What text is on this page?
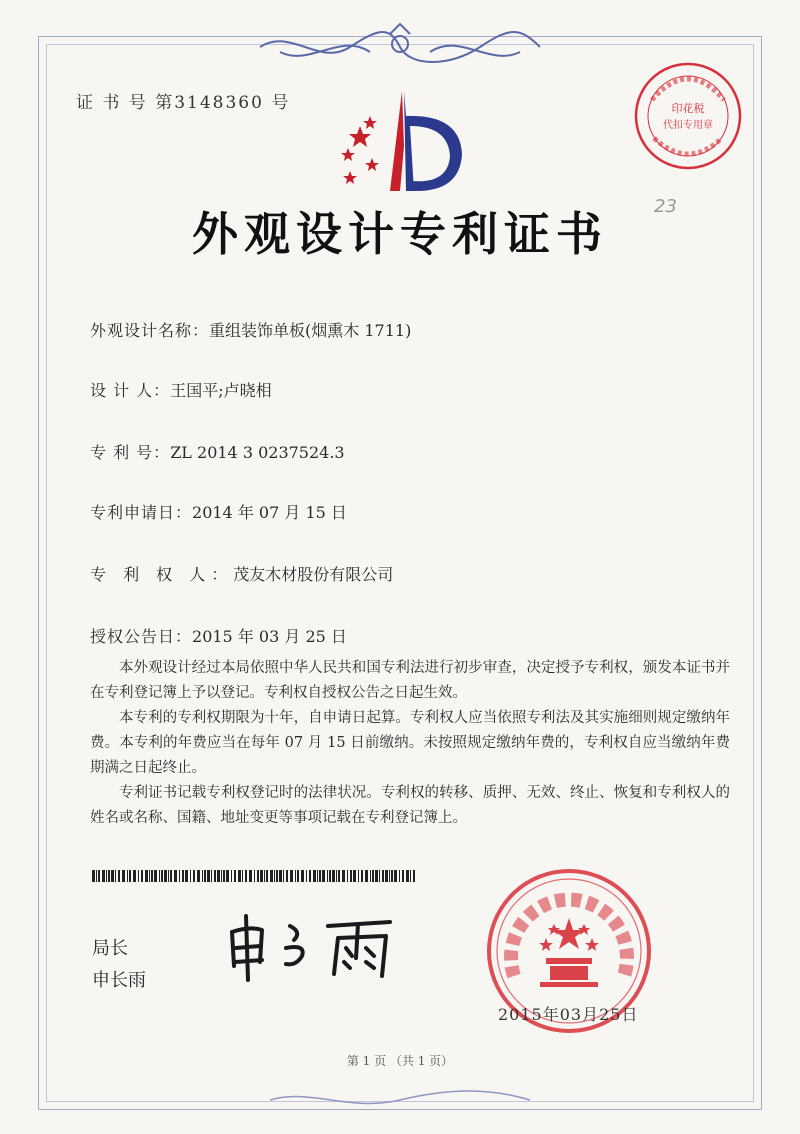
证 书 号 第3148360 号	印花税
代扣专用章
23
外观设计专利证书
外观设计名称：重组装饰单板(烟熏木 1711)
设 计 人：王国平;卢晓相
专 利 号：ZL 2014 3 0237524.3
专利申请日：2014 年 07 月 15 日
专 利 权 人：茂友木材股份有限公司
授权公告日：2015 年 03 月 25 日

本外观设计经过本局依照中华人民共和国专利法进行初步审查，决定授予专利权，颁发本证书并在专利登记簿上予以登记。专利权自授权公告之日起生效。

本专利的专利权期限为十年，自申请日起算。专利权人应当依照专利法及其实施细则规定缴纳年费。本专利的年费应当在每年 07 月 15 日前缴纳。未按照规定缴纳年费的，专利权自应当缴纳年费期满之日起终止。

专利证书记载专利权登记时的法律状况。专利权的转移、质押、无效、终止、恢复和专利权人的姓名或名称、国籍、地址变更等事项记载在专利登记簿上。

局长
申长雨
2015年03月25日
第 1 页 （共 1 页）
